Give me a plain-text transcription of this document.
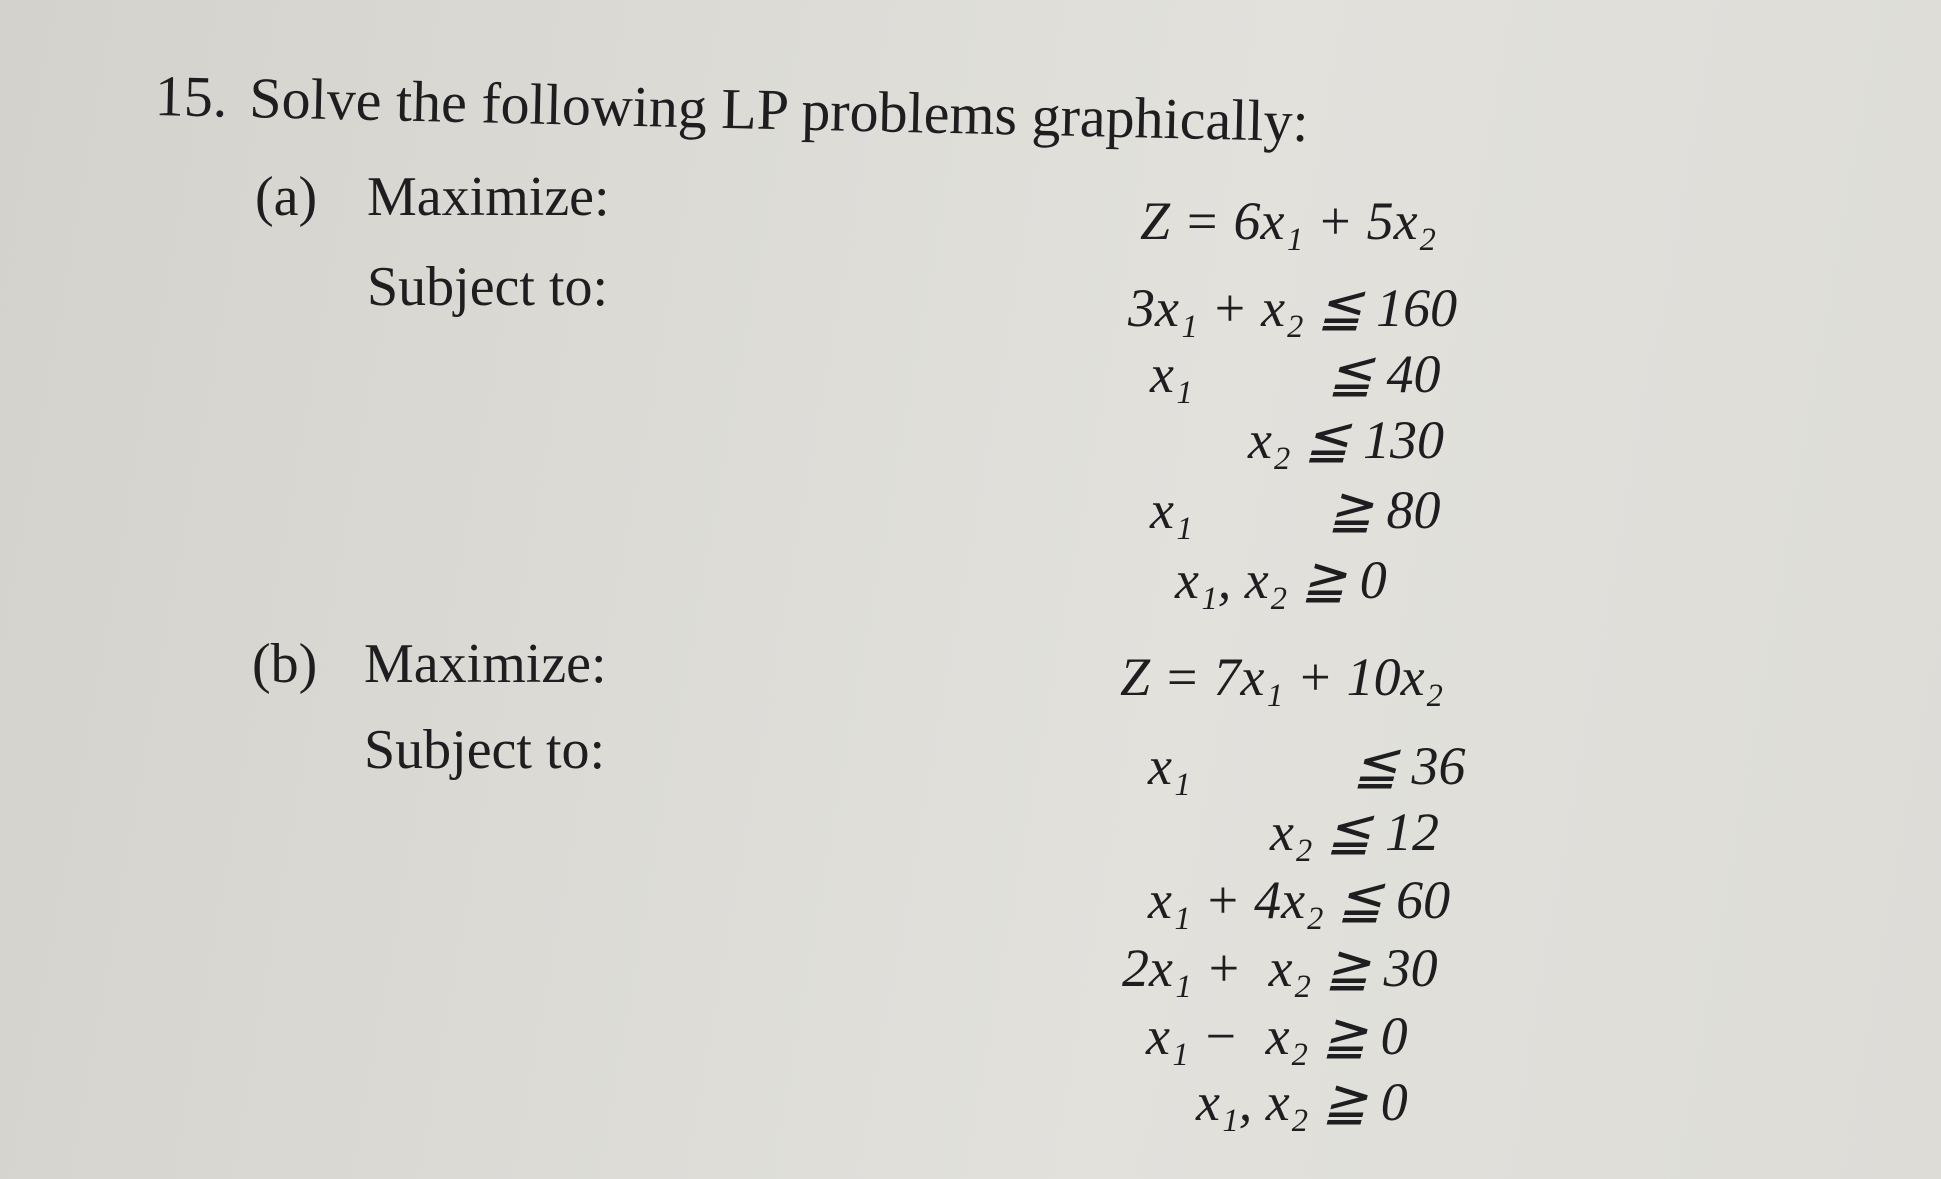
15. Solve the following LP problems graphically:
(a) Maximize:
Subject to:
Z = 6x₁ + 5x₂
3x₁ + x₂ ≦ 160
x₁          ≦ 40
x₂ ≦ 130
x₁          ≧ 80
x₁, x₂ ≧ 0
(b) Maximize:
Subject to:
Z = 7x₁ + 10x₂
x₁            ≦ 36
x₂ ≦ 12
x₁ + 4x₂ ≦ 60
2x₁ +  x₂ ≧ 30
x₁ −  x₂ ≧ 0
x₁, x₂ ≧ 0
